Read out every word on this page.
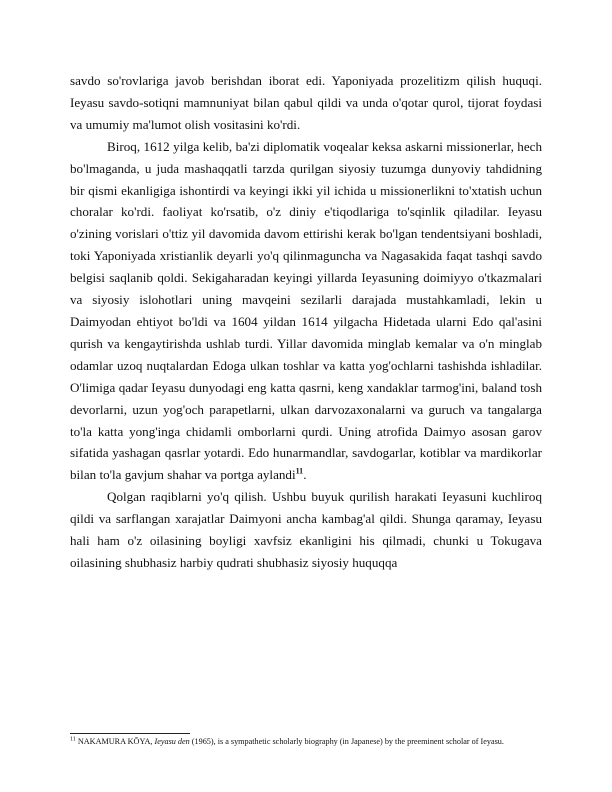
savdo so'rovlariga javob berishdan iborat edi. Yaponiyada prozelitizm qilish huquqi. Ieyasu savdo-sotiqni mamnuniyat bilan qabul qildi va unda o'qotar qurol, tijorat foydasi va umumiy ma'lumot olish vositasini ko'rdi.

Biroq, 1612 yilga kelib, ba'zi diplomatik voqealar keksa askarni missionerlar, hech bo'lmaganda, u juda mashaqqatli tarzda qurilgan siyosiy tuzumga dunyoviy tahdidning bir qismi ekanligiga ishontirdi va keyingi ikki yil ichida u missionerlikni to'xtatish uchun choralar ko'rdi. faoliyat ko'rsatib, o'z diniy e'tiqodlariga to'sqinlik qiladilar. Ieyasu o'zining vorislari o'ttiz yil davomida davom ettirishi kerak bo'lgan tendentsiyani boshladi, toki Yaponiyada xristianlik deyarli yo'q qilinmaguncha va Nagasakida faqat tashqi savdo belgisi saqlanib qoldi. Sekigaharadan keyingi yillarda Ieyasuning doimiyyo o'tkazmalari va siyosiy islohotlari uning mavqeini sezilarli darajada mustahkamladi, lekin u Daimyodan ehtiyot bo'ldi va 1604 yildan 1614 yilgacha Hidetada ularni Edo qal'asini qurish va kengaytirishda ushlab turdi. Yillar davomida minglab kemalar va o'n minglab odamlar uzoq nuqtalardan Edoga ulkan toshlar va katta yog'ochlarni tashishda ishladilar. O'limiga qadar Ieyasu dunyodagi eng katta qasrni, keng xandaklar tarmog'ini, baland tosh devorlarni, uzun yog'och parapetlarni, ulkan darvozaxonalarni va guruch va tangalarga to'la katta yong'inga chidamli omborlarni qurdi. Uning atrofida Daimyo asosan garov sifatida yashagan qasrlar yotardi. Edo hunarmandlar, savdogarlar, kotiblar va mardikorlar bilan to'la gavjum shahar va portga aylandi$^{11}$.

Qolgan raqiblarni yo'q qilish. Ushbu buyuk qurilish harakati Ieyasuni kuchliroq qildi va sarflangan xarajatlar Daimyoni ancha kambag'al qildi. Shunga qaramay, Ieyasu hali ham o'z oilasining boyligi xavfsiz ekanligini his qilmadi, chunki u Tokugava oilasining shubhasiz harbiy qudrati shubhasiz siyosiy huquqqa

$^{11}$ NAKAMURA KŌYA, Ieyasu den (1965), is a sympathetic scholarly biography (in Japanese) by the preeminent scholar of Ieyasu.
